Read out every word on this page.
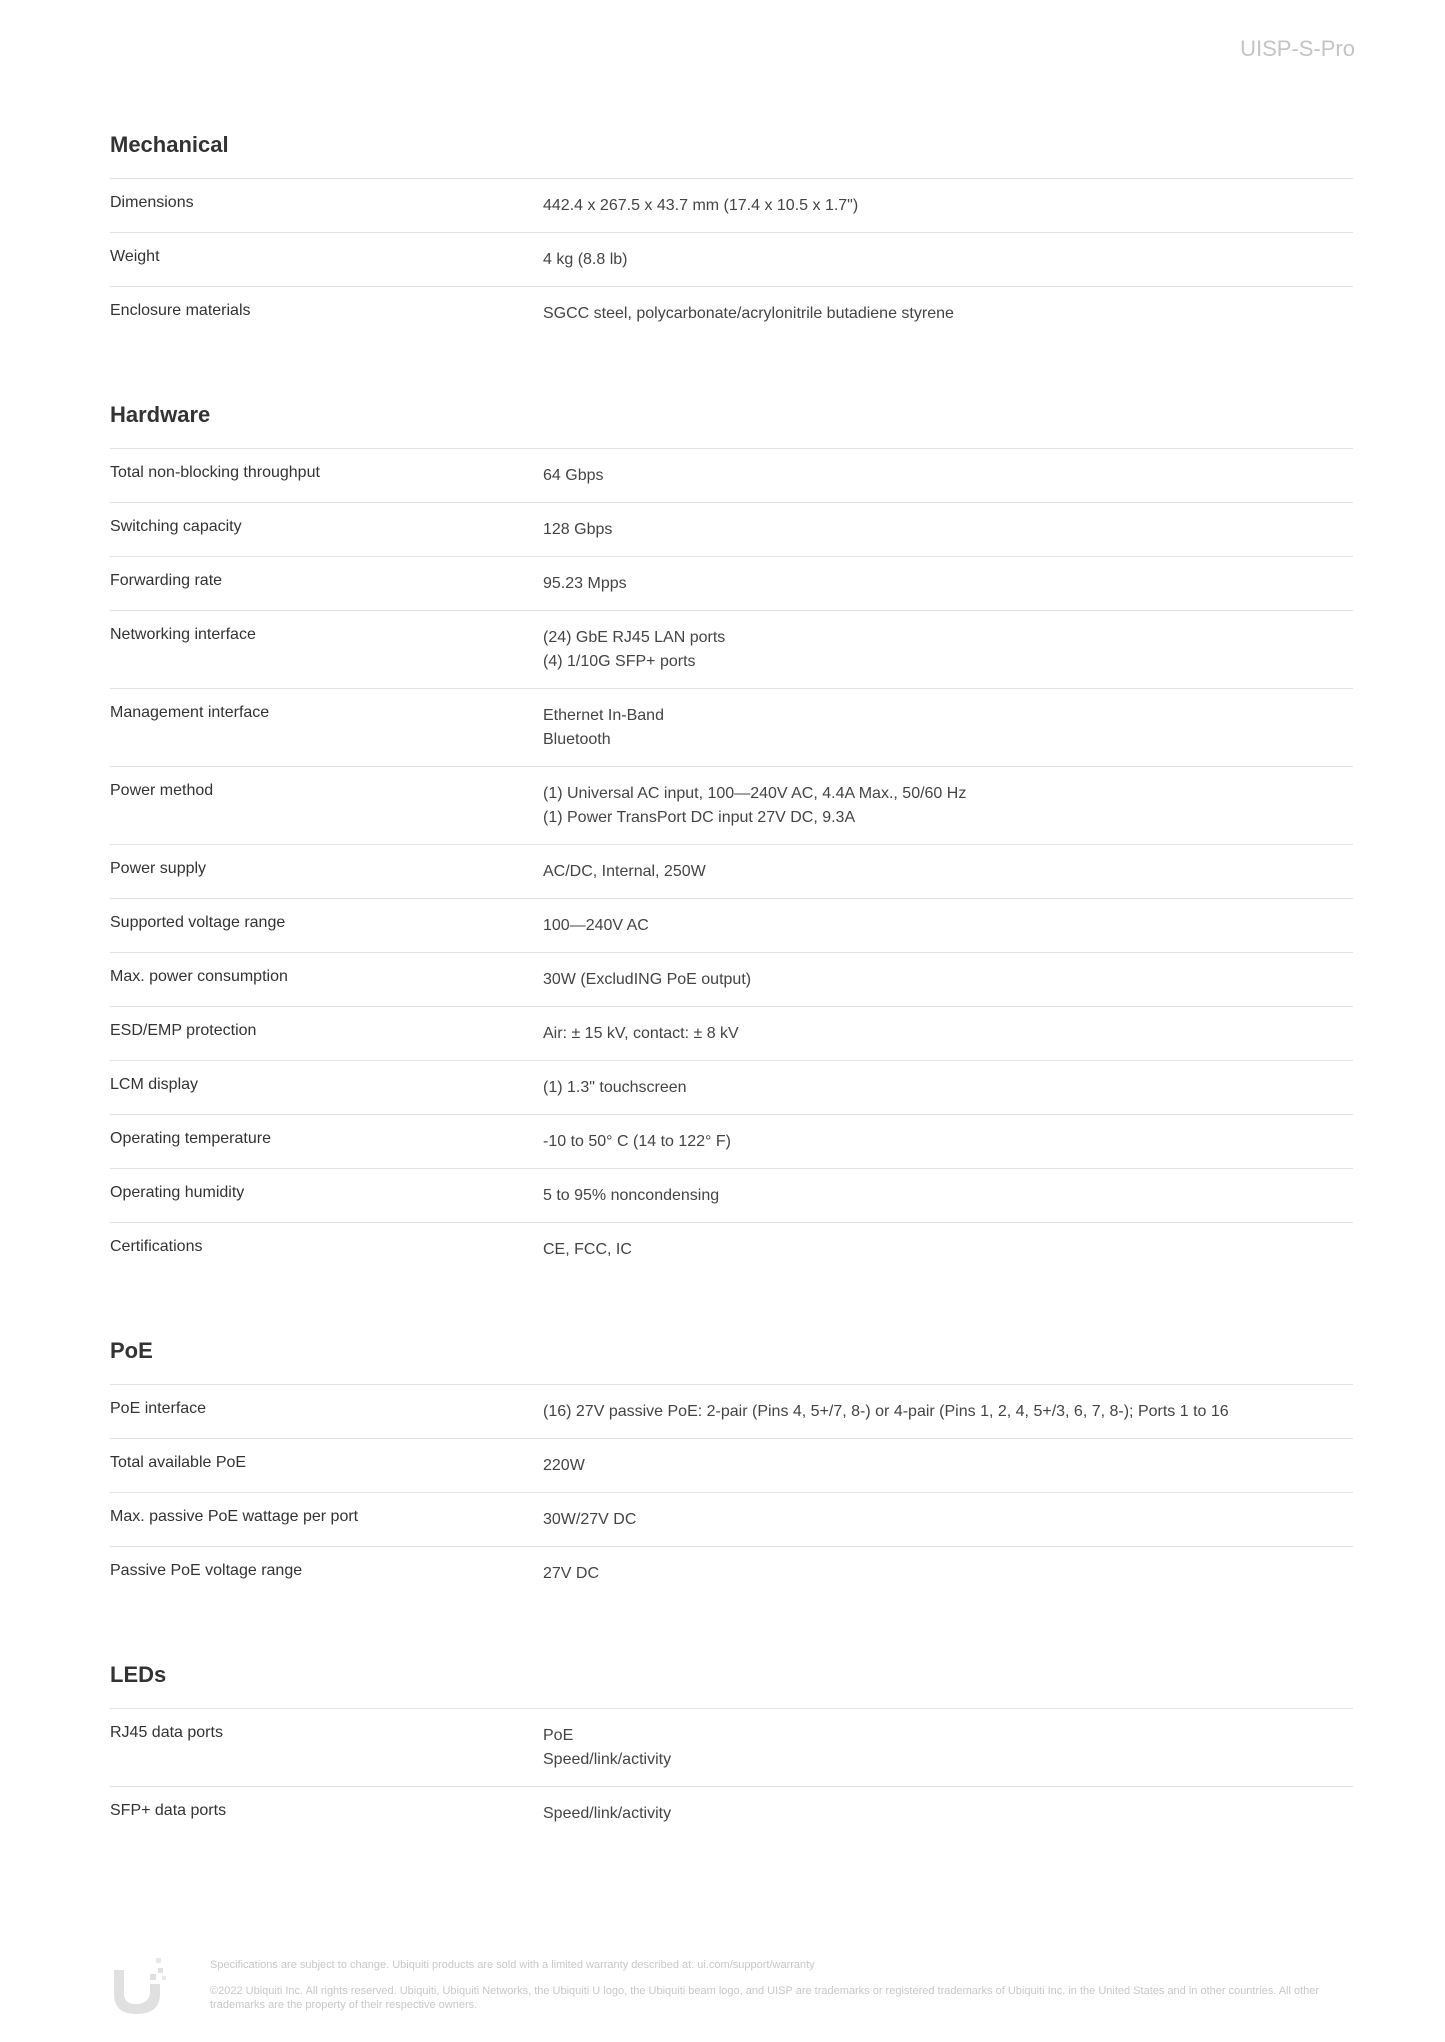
UISP-S-Pro

Mechanical
Dimensions	442.4 x 267.5 x 43.7 mm (17.4 x 10.5 x 1.7")
Weight	4 kg (8.8 lb)
Enclosure materials	SGCC steel, polycarbonate/acrylonitrile butadiene styrene
Hardware
Total non-blocking throughput	64 Gbps
Switching capacity	128 Gbps
Forwarding rate	95.23 Mpps
Networking interface	(24) GbE RJ45 LAN ports
(4) 1/10G SFP+ ports
Management interface	Ethernet In-Band
Bluetooth
Power method	(1) Universal AC input, 100—240V AC, 4.4A Max., 50/60 Hz
(1) Power TransPort DC input 27V DC, 9.3A
Power supply	AC/DC, Internal, 250W
Supported voltage range	100—240V AC
Max. power consumption	30W (ExcludING PoE output)
ESD/EMP protection	Air: ± 15 kV, contact: ± 8 kV
LCM display	(1) 1.3" touchscreen
Operating temperature	-10 to 50° C (14 to 122° F)
Operating humidity	5 to 95% noncondensing
Certifications	CE, FCC, IC
PoE
PoE interface	(16) 27V passive PoE: 2-pair (Pins 4, 5+/7, 8-) or 4-pair (Pins 1, 2, 4, 5+/3, 6, 7, 8-); Ports 1 to 16
Total available PoE	220W
Max. passive PoE wattage per port	30W/27V DC
Passive PoE voltage range	27V DC
LEDs
RJ45 data ports	PoE
Speed/link/activity
SFP+ data ports	Speed/link/activity

Specifications are subject to change. Ubiquiti products are sold with a limited warranty described at: ui.com/support/warranty

©2022 Ubiquiti Inc. All rights reserved. Ubiquiti, Ubiquiti Networks, the Ubiquiti U logo, the Ubiquiti beam logo, and UISP are trademarks or registered trademarks of Ubiquiti Inc. in the United States and in other countries. All other trademarks are the property of their respective owners.
